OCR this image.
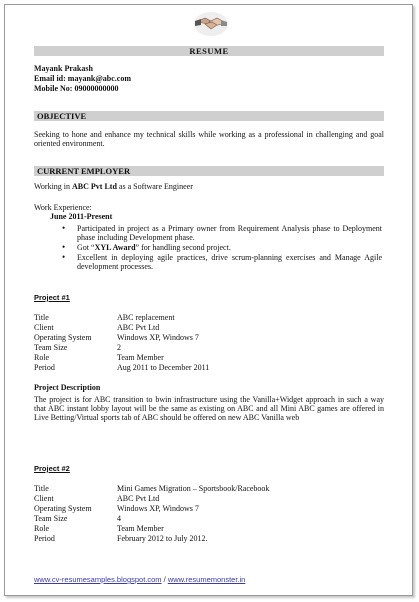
RESUME
Mayank Prakash
Email id: mayank@abc.com
Mobile No: 09000000000
OBJECTIVE
Seeking to hone and enhance my technical skills while working as a professional in challenging and goal oriented environment.
CURRENT EMPLOYER
Working in ABC Pvt Ltd as a Software Engineer
Work Experience:
June 2011-Present
• Participated in project as a Primary owner from Requirement Analysis phase to Deployment phase including Development phase.
• Got “XYL Award” for handling second project.
• Excellent in deploying agile practices, drive scrum-planning exercises and Manage Agile development processes.
Project #1
Title	ABC replacement
Client	ABC Pvt Ltd
Operating System	Windows XP, Windows 7
Team Size	2
Role	Team Member
Period	Aug 2011 to December 2011
Project Description
The project is for ABC transition to bwin infrastructure using the Vanilla+Widget approach in such a way that ABC instant lobby layout will be the same as existing on ABC and all Mini ABC games are offered in Live Betting/Virtual sports tab of ABC should be offered on new ABC Vanilla web
Project #2
Title	Mini Games Migration – Sportsbook/Racebook
Client	ABC Pvt Ltd
Operating System	Windows XP, Windows 7
Team Size	4
Role	Team Member
Period	February 2012 to July 2012.
www.cv-resumesamples.blogspot.com / www.resumemonster.in
